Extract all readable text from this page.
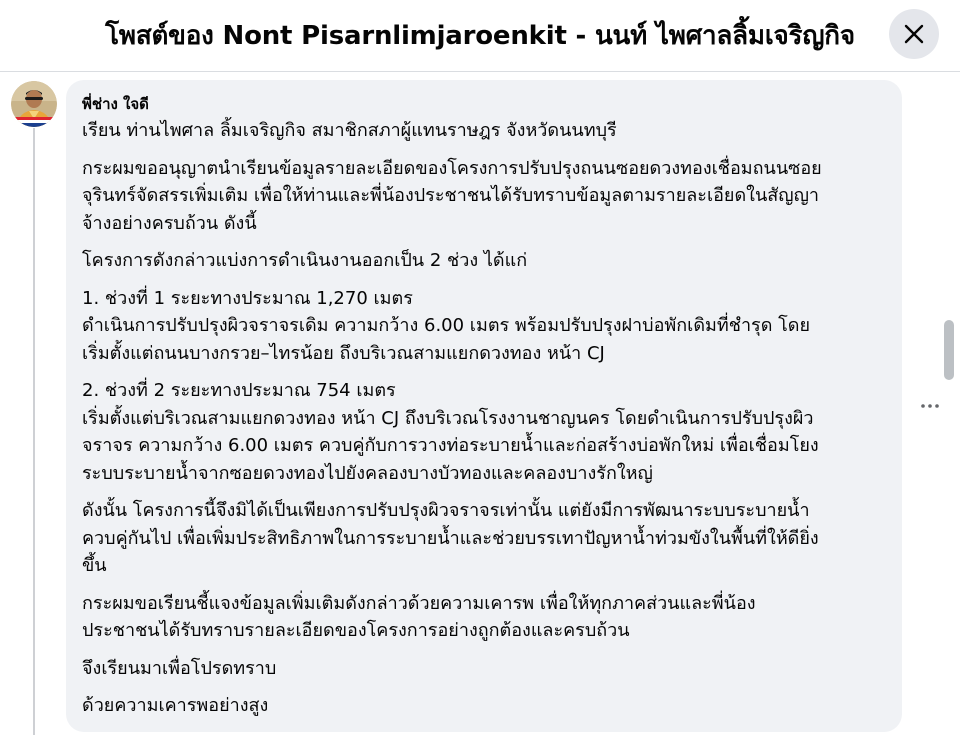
โพสต์ของ Nont Pisarnlimjaroenkit - นนท์ ไพศาลลิ้มเจริญกิจ
พี่ช่าง ใจดี

เรียน ท่านไพศาล ลิ้มเจริญกิจ สมาชิกสภาผู้แทนราษฎร จังหวัดนนทบุรี

กระผมขออนุญาตนำเรียนข้อมูลรายละเอียดของโครงการปรับปรุงถนนซอยดวงทองเชื่อมถนนซอย
จุรินทร์จัดสรรเพิ่มเติม เพื่อให้ท่านและพี่น้องประชาชนได้รับทราบข้อมูลตามรายละเอียดในสัญญา
จ้างอย่างครบถ้วน ดังนี้

โครงการดังกล่าวแบ่งการดำเนินงานออกเป็น 2 ช่วง ได้แก่

1. ช่วงที่ 1 ระยะทางประมาณ 1,270 เมตร
ดำเนินการปรับปรุงผิวจราจรเดิม ความกว้าง 6.00 เมตร พร้อมปรับปรุงฝาบ่อพักเดิมที่ชำรุด โดย
เริ่มตั้งแต่ถนนบางกรวย–ไทรน้อย ถึงบริเวณสามแยกดวงทอง หน้า CJ

2. ช่วงที่ 2 ระยะทางประมาณ 754 เมตร
เริ่มตั้งแต่บริเวณสามแยกดวงทอง หน้า CJ ถึงบริเวณโรงงานชาญนคร โดยดำเนินการปรับปรุงผิว
จราจร ความกว้าง 6.00 เมตร ควบคู่กับการวางท่อระบายน้ำและก่อสร้างบ่อพักใหม่ เพื่อเชื่อมโยง
ระบบระบายน้ำจากซอยดวงทองไปยังคลองบางบัวทองและคลองบางรักใหญ่

ดังนั้น โครงการนี้จึงมิได้เป็นเพียงการปรับปรุงผิวจราจรเท่านั้น แต่ยังมีการพัฒนาระบบระบายน้ำ
ควบคู่กันไป เพื่อเพิ่มประสิทธิภาพในการระบายน้ำและช่วยบรรเทาปัญหาน้ำท่วมขังในพื้นที่ให้ดียิ่ง
ขึ้น

กระผมขอเรียนชี้แจงข้อมูลเพิ่มเติมดังกล่าวด้วยความเคารพ เพื่อให้ทุกภาคส่วนและพี่น้อง
ประชาชนได้รับทราบรายละเอียดของโครงการอย่างถูกต้องและครบถ้วน

จึงเรียนมาเพื่อโปรดทราบ

ด้วยความเคารพอย่างสูง
